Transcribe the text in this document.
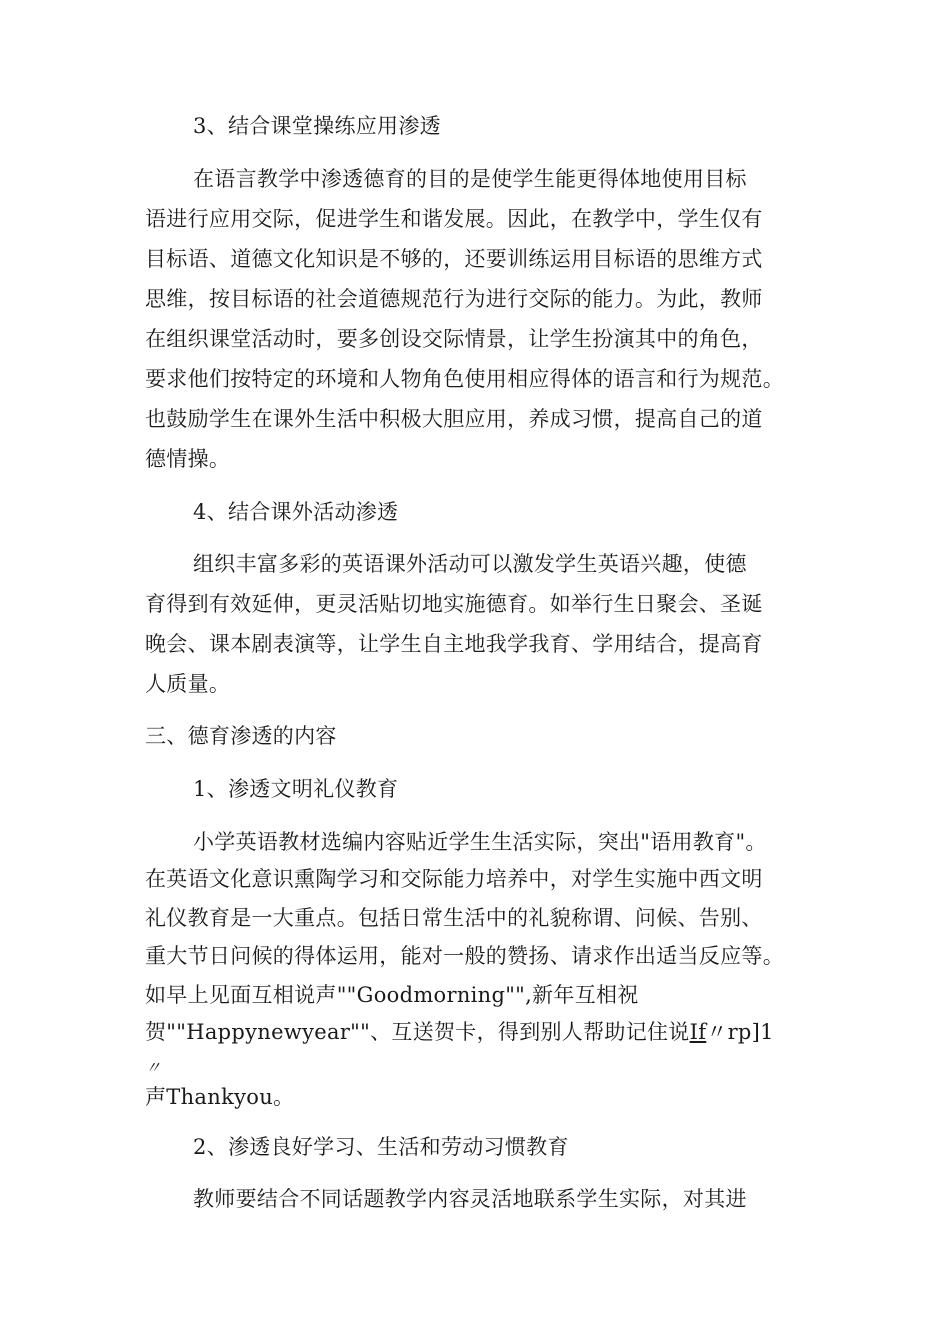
3、结合课堂操练应用渗透

在语言教学中渗透德育的目的是使学生能更得体地使用目标

语进行应用交际，促进学生和谐发展。因此，在教学中，学生仅有

目标语、道德文化知识是不够的，还要训练运用目标语的思维方式

思维，按目标语的社会道德规范行为进行交际的能力。为此，教师

在组织课堂活动时，要多创设交际情景，让学生扮演其中的角色，

要求他们按特定的环境和人物角色使用相应得体的语言和行为规范。

也鼓励学生在课外生活中积极大胆应用，养成习惯，提高自己的道

德情操。

4、结合课外活动渗透

组织丰富多彩的英语课外活动可以激发学生英语兴趣，使德

育得到有效延伸，更灵活贴切地实施德育。如举行生日聚会、圣诞

晚会、课本剧表演等，让学生自主地我学我育、学用结合，提高育

人质量。

三、德育渗透的内容

1、渗透文明礼仪教育

小学英语教材选编内容贴近学生生活实际，突出"语用教育"。

在英语文化意识熏陶学习和交际能力培养中，对学生实施中西文明

礼仪教育是一大重点。包括日常生活中的礼貌称谓、问候、告别、

重大节日问候的得体运用，能对一般的赞扬、请求作出适当反应等。

如早上见面互相说声""Goodmorning"",新年互相祝

贺""Happynewyear""、互送贺卡，得到别人帮助记住说If〃rp]1

〃

声Thankyou。

2、渗透良好学习、生活和劳动习惯教育

教师要结合不同话题教学内容灵活地联系学生实际，对其进
